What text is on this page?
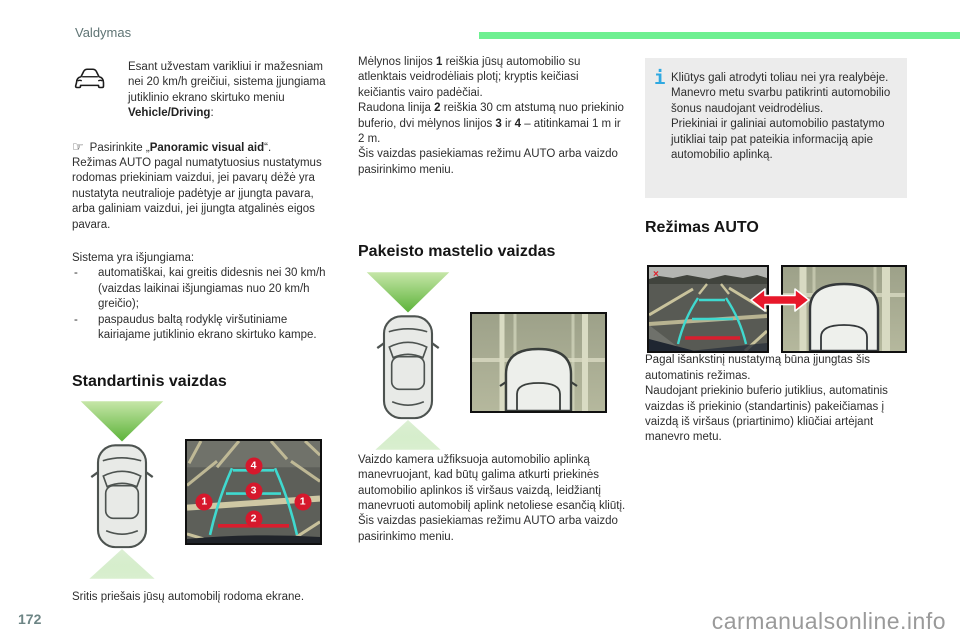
Valdymas

Esant užvestam varikliui ir mažesniam nei 20 km/h greičiui, sistema įjungiama jutiklinio ekrano skirtuko meniu Vehicle/Driving:

☞ Pasirinkite „Panoramic visual aid“.

Režimas AUTO pagal numatytuosius nustatymus rodomas priekiniam vaizdui, jei pavarų dėžė yra nustatyta neutralioje padėtyje ar įjungta pavara, arba galiniam vaizdui, jei įjungta atgalinės eigos pavara.

Sistema yra išjungiama:

- automatiškai, kai greitis didesnis nei 30 km/h (vaizdas laikinai išjungiamas nuo 20 km/h greičio);
- paspaudus baltą rodyklę viršutiniame kairiajame jutiklinio ekrano skirtuko kampe.
Standartinis vaizdas
4
3
1	1
2

Sritis priešais jūsų automobilį rodoma ekrane.

Mėlynos linijos 1 reiškia jūsų automobilio su atlenktais veidrodėliais plotį; kryptis keičiasi keičiantis vairo padėčiai.
Raudona linija 2 reiškia 30 cm atstumą nuo priekinio buferio, dvi mėlynos linijos 3 ir 4 – atitinkamai 1 m ir 2 m.
Šis vaizdas pasiekiamas režimu AUTO arba vaizdo pasirinkimo meniu.
Pakeisto mastelio vaizdas
Vaizdo kamera užfiksuoja automobilio aplinką manevruojant, kad būtų galima atkurti priekinės automobilio aplinkos iš viršaus vaizdą, leidžiantį manevruoti automobilį aplink netoliese esančią kliūtį.
Šis vaizdas pasiekiamas režimu AUTO arba vaizdo pasirinkimo meniu.
i Kliūtys gali atrodyti toliau nei yra realybėje.
Manevro metu svarbu patikrinti automobilio šonus naudojant veidrodėlius.
Priekiniai ir galiniai automobilio pastatymo jutikliai taip pat pateikia informaciją apie automobilio aplinką.
Režimas AUTO
×
Pagal išankstinį nustatymą būna įjungtas šis automatinis režimas.
Naudojant priekinio buferio jutiklius, automatinis vaizdas iš priekinio (standartinis) pakeičiamas į vaizdą iš viršaus (priartinimo) kliūčiai artėjant manevro metu.
172	carmanualsonline.info
